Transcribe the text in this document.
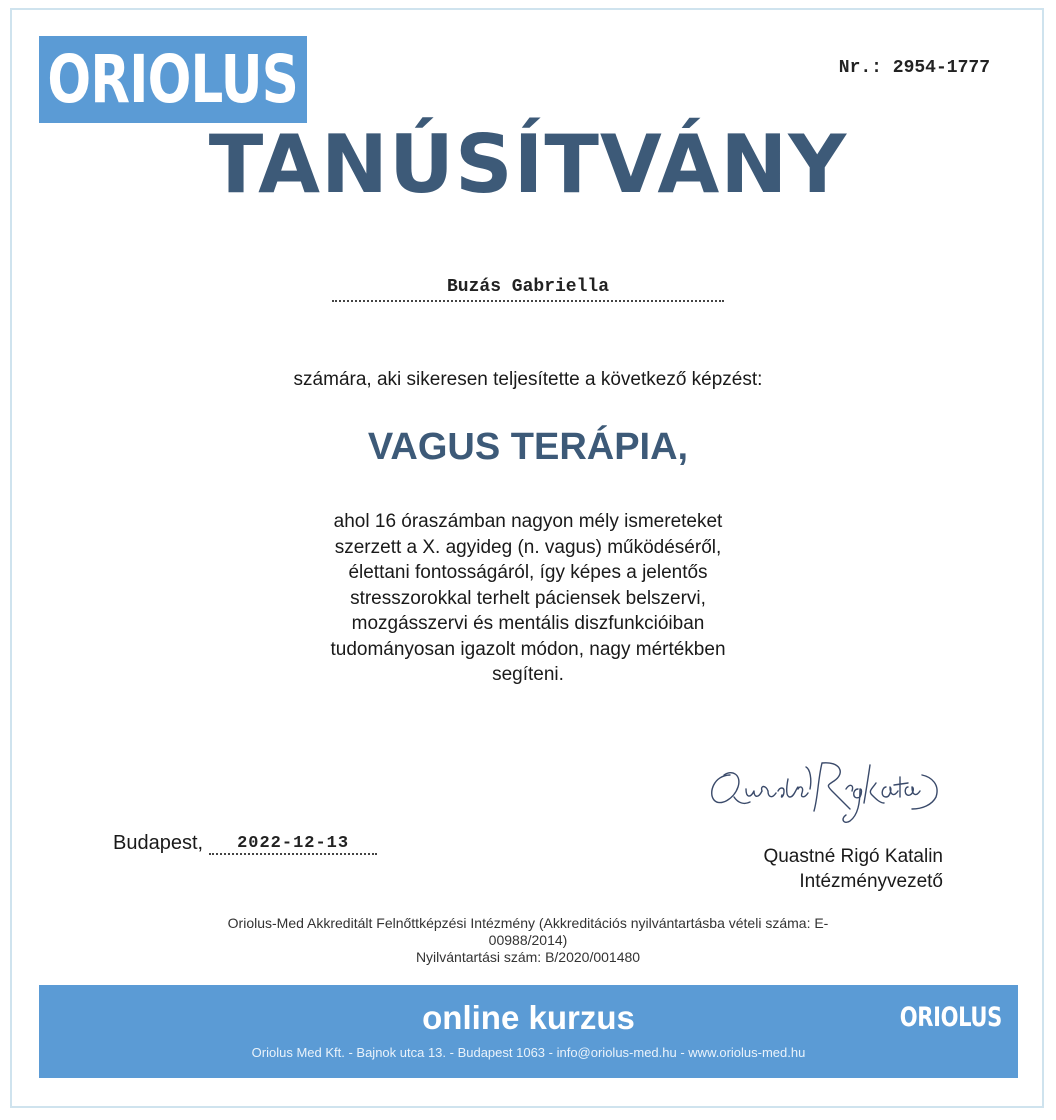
ORIOLUS	Nr.: 2954-1777
TANÚSÍTVÁNY
Buzás Gabriella
számára, aki sikeresen teljesítette a következő képzést:
VAGUS TERÁPIA,
ahol 16 óraszámban nagyon mély ismereteket
szerzett a X. agyideg (n. vagus) működéséről,
élettani fontosságáról, így képes a jelentős
stresszorokkal terhelt páciensek belszervi,
mozgásszervi és mentális diszfunkcióiban
tudományosan igazolt módon, nagy mértékben
segíteni.
Budapest,	2022-12-13
Quastné Rigó Katalin
Intézményvezető
Oriolus-Med Akkreditált Felnőttképzési Intézmény (Akkreditációs nyilvántartásba vételi száma: E-
00988/2014)
Nyilvántartási szám: B/2020/001480
online kurzus
Oriolus Med Kft. - Bajnok utca 13. - Budapest 1063 - info@oriolus-med.hu - www.oriolus-med.hu
ORIOLUS
